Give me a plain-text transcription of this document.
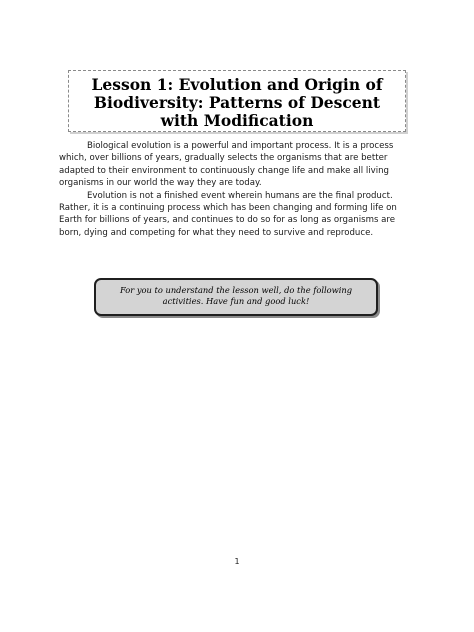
Lesson 1: Evolution and Origin of
Biodiversity: Patterns of Descent
with Modification

Biological evolution is a powerful and important process. It is a process
which, over billions of years, gradually selects the organisms that are better
adapted to their environment to continuously change life and make all living
organisms in our world the way they are today.

Evolution is not a finished event wherein humans are the final product.
Rather, it is a continuing process which has been changing and forming life on
Earth for billions of years, and continues to do so for as long as organisms are
born, dying and competing for what they need to survive and reproduce.

For you to understand the lesson well, do the following
activities. Have fun and good luck!

1
